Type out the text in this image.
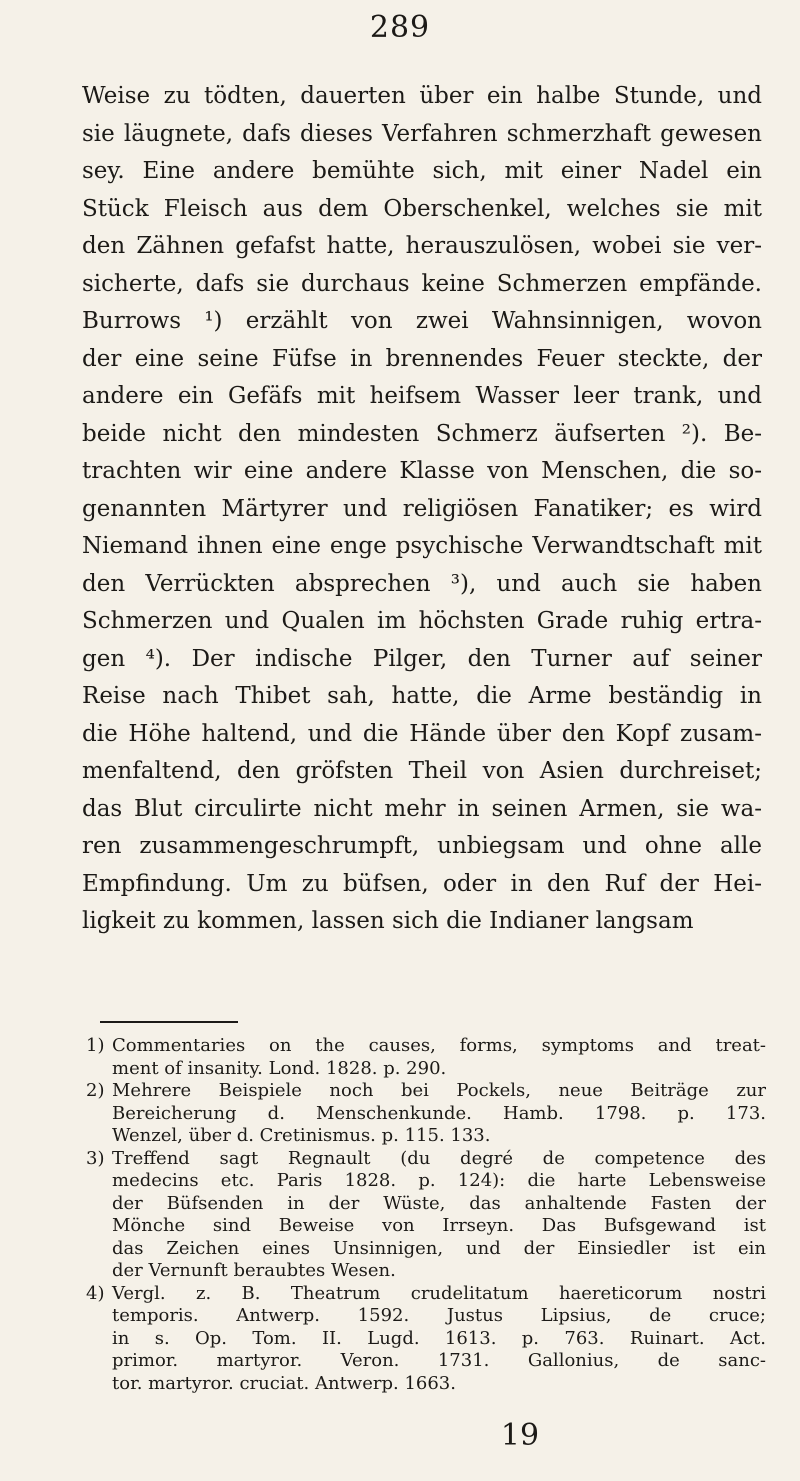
289
Weise zu tödten, dauerten über ein halbe Stunde, und
sie läugnete, dafs dieses Verfahren schmerzhaft gewesen
sey. Eine andere bemühte sich, mit einer Nadel ein
Stück Fleisch aus dem Oberschenkel, welches sie mit
den Zähnen gefafst hatte, herauszulösen, wobei sie ver-
sicherte, dafs sie durchaus keine Schmerzen empfände.
Burrows ¹) erzählt von zwei Wahnsinnigen, wovon
der eine seine Füfse in brennendes Feuer steckte, der
andere ein Gefäfs mit heifsem Wasser leer trank, und
beide nicht den mindesten Schmerz äufserten ²). Be-
trachten wir eine andere Klasse von Menschen, die so-
genannten Märtyrer und religiösen Fanatiker; es wird
Niemand ihnen eine enge psychische Verwandtschaft mit
den Verrückten absprechen ³), und auch sie haben
Schmerzen und Qualen im höchsten Grade ruhig ertra-
gen ⁴). Der indische Pilger, den Turner auf seiner
Reise nach Thibet sah, hatte, die Arme beständig in
die Höhe haltend, und die Hände über den Kopf zusam-
menfaltend, den gröfsten Theil von Asien durchreiset;
das Blut circulirte nicht mehr in seinen Armen, sie wa-
ren zusammengeschrumpft, unbiegsam und ohne alle
Empfindung. Um zu büfsen, oder in den Ruf der Hei-
ligkeit zu kommen, lassen sich die Indianer langsam
1) Commentaries on the causes, forms, symptoms and treat-
ment of insanity. Lond. 1828. p. 290.
2) Mehrere Beispiele noch bei Pockels, neue Beiträge zur
Bereicherung d. Menschenkunde. Hamb. 1798. p. 173.
Wenzel, über d. Cretinismus. p. 115. 133.
3) Treffend sagt Regnault (du degré de competence des
medecins etc. Paris 1828. p. 124): die harte Lebensweise
der Büfsenden in der Wüste, das anhaltende Fasten der
Mönche sind Beweise von Irrseyn. Das Bufsgewand ist
das Zeichen eines Unsinnigen, und der Einsiedler ist ein
der Vernunft beraubtes Wesen.
4) Vergl. z. B. Theatrum crudelitatum haereticorum nostri
temporis. Antwerp. 1592. Justus Lipsius, de cruce;
in s. Op. Tom. II. Lugd. 1613. p. 763. Ruinart. Act.
primor. martyror. Veron. 1731. Gallonius, de sanc-
tor. martyror. cruciat. Antwerp. 1663.
19
